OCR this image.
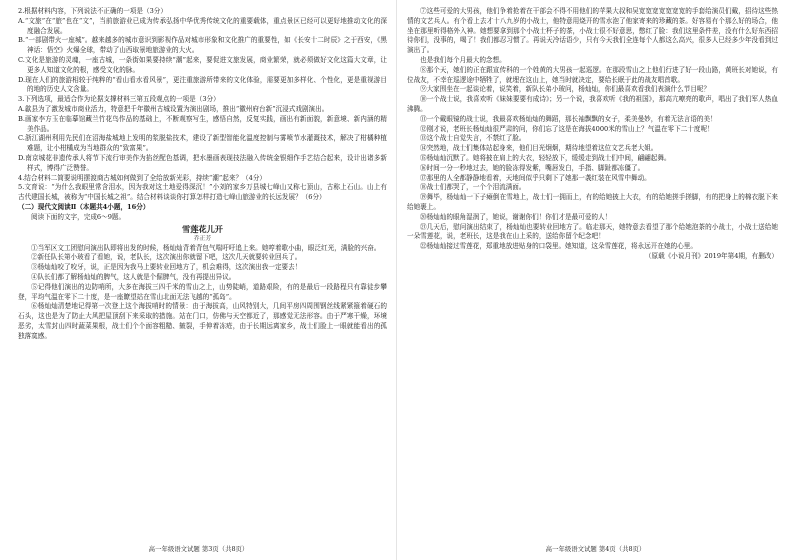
2.根据材料内容，下列说法不正确的一项是（3分）

A.“文旅”在“旅”也在“文”，当前旅游业已成为传承弘扬中华优秀传统文化的重要载体，重点景区已经可以更好地推动文化的深度融合发展。

B.“一部剧带火一座城”。越来越多的城市意识到影视作品对城市形象和文化推广的重要性，如《长安十二时辰》之于西安，《黑神话：悟空》火爆全球，带动了山西取景地旅游业的大火。

C.文化是旅游的灵魂，一座古城，一条街如果要持续“潮”起来，要促进文旅发展，商业繁荣，就必须做好文化这篇大文章，让更多人知道文化的根，感受文化的脉。

D.现在人们的旅游相较于纯粹的“看山看水看风景”，更注重旅游所带来的文化体验，需要更加多样化、个性化，更是重视游目的地的历史人文含量。

3.下列选项，最适合作为论据支撑材料三第五段观点的一项是（3分）

A.歙县为了激发城市商业活力，特意把千年徽州古城设置为演出剧场，推出“徽州府台新”沉浸式戏剧演出。

B.画家李方玉在临摹馆藏兰竹花鸟作品的基础上，不断观察写生，感悟自然，反复实践，画出有新面貌，新意境、新内涵的精美作品。

C.浙江湖州利用先民们在沼海盐城地上发明的浆脱盐技术，建设了新型智能化温度控制与雾喷节水灌溉技术，解决了柑橘种植难题，让小柑橘成为当地群众的“致富果”。

D.南京城花非遗传承人将节下流行审美作为掐丝配色基调，把水墨画表现技法融入传统金银细作手艺结合起来，设计出诸多新样式，博得广泛赞誉。

4.结合材料二简要说明摆渡商古城如何做到了全给放新光彩，持续“潮”起来？（4分）

5.文育说：“为什么我眼里常含泪水，因为我对这土地爱得深沉！”小刘的家乡万县城七峰山又称七顶山，古称上石山。山上有古代建国长城，被称为“中国长城之祖”。结合材料谈谈你打算怎样打造七峰山旅游业的长远发展？（6分）

（二）现代文阅读Ⅱ（本题共4小题，16分）

阅读下面的文字，完成6～9题。

雪莲花儿开

乔正芳

①当军区文工团慰问演出队即将出发的时候，杨灿灿背着背包气喘吁吁追上来。她哼着歌小曲，眼泛红光，满脸的兴奋。

②新任队长第小玻看了看她，说，老队长，这次演出你就留下吧，这次几天就要转业回兵了。

③杨灿灿咬了咬牙，说，正是因为我马上要转业回地方了，机会难得，这次演出我一定要去！

④队长们都了解杨灿灿的脾气，这人就是个倔脾气，没有再提出异议。

⑤记得他们演出的边防哨所，大多在海拔三四千米的雪山之上，山势陡峭，道路艰险，有的是最后一段路程只有靠徒步攀登，平均气温在零下二十度，是一座瞭望站在雪山北面无法飞越的“孤岛”。

⑥杨灿灿清楚地记得第一次登上这个海拔哨时的情景：由于海拔高，山风特别大，几间平房四周围钢丝线紧紧箍着硬石的石头，这也是为了防止大风把屋顶刮下来采取的措施。站在门口，仿佛与天空都近了，那感觉无法形容。由于严寒干燥，环境恶劣，太雪封山四时蔬菜果根，战士们个个面容粗糙、皴裂，手伸着冻疮，由于长期远离家乡，战士们脸上一眼就能看出的孤独落寞感。

高一年级语文试题 第3页（共8页）

⑦这些可爱的大男孩，他们争着抢着在干部会不得不用他们的苹果大叔和吴宽宽宽宽宽宽宽的手套给演员们戴，招待这些热情的文艺兵人。有个看上去才十八九岁的小战士，他特意用烧开的雪水泡了他家寄来的珍藏的茶。好容易有个那么好的场合，他坐在那里听得格外入神。她想要拿到那个小战士杯子的茶，小战士很不好意思，憋红了脸：我们这里条件差，没有什么好东西招待你们，没事的，喝了！我们都忍习惯了。再说天冷话语少，只有今天我们全连每个人都这么高兴，很多人已经多少年没看到过演出了。

也是我们每个月最大的念想。

⑧那个天，她们的正在跟宣传科的一个姓黄的大男孩一起巡逻。在那段雪山之上他们行进了好一段山路，黄班长对她说，有位战友，不幸在巡逻途中牺牲了，就埋在这山上，她当时就决定，要给长眠于此的战友唱首歌。

⑨大家围坐在一起谈论着，说笑着，新队长弟小玻问，杨灿灿，你们最喜欢看我们表演什么节目呢？

⑩一个战士说，我喜欢听《妹妹要要有成诗》；另一个说，我喜欢听《我的祖国》，那高亢嘹亮的歌声，唱出了我们军人热血沸腾。

⑪一个戴眼镜的战士说，我最喜欢杨灿灿的舞蹈，那长袖飘飘的女子，柔美曼妙，有着无法言语的美！

⑫刚才说，老班长杨灿灿很严肃的问，你们忘了这是在海拔4000米的雪山上？气温在零下二十度呢！

⑬这个战士自觉失言，不禁红了脸。

⑭突然地，战士们集体站起身来，他们目光炯炯，期待地望着这位文艺兵老大姐。

⑮杨灿灿沉默了。她将披在肩上的大衣，轻轻放下，缓缓走到战士们中间，翩翩起舞。

⑯时间一分一秒地过去，她的脸冻得发紫，嘴唇发白，手指、脚趾都冻僵了。

⑰那里的人全都静静地看着，天地间似乎只剩下了她那一袭红装在风雪中舞动。

⑱战士们都哭了，一个个泪流满面。

⑲舞毕，杨灿灿一下子瘫倒在雪地上，战士们一拥而上，有的给她披上大衣，有的给她搓手搓脚，有的把身上的棉衣脱下来给她裹上。

⑳杨灿灿的眼角湿润了，她说，谢谢你们！你们才是最可爱的人！

㉑几天后，慰问演出结束了，杨灿灿也要转业回地方了。临走那天，她特意去看望了那个给她泡茶的小战士，小战士送给她一朵雪莲花，说，老班长，这是我在山上采的，送给你留个纪念吧！

㉒杨灿灿接过雪莲花，郑重地放进贴身的口袋里。她知道，这朵雪莲花，将永远开在她的心里。

（原载《小说月刊》2019年第4期，有删改）

高一年级语文试题 第4页（共8页）
